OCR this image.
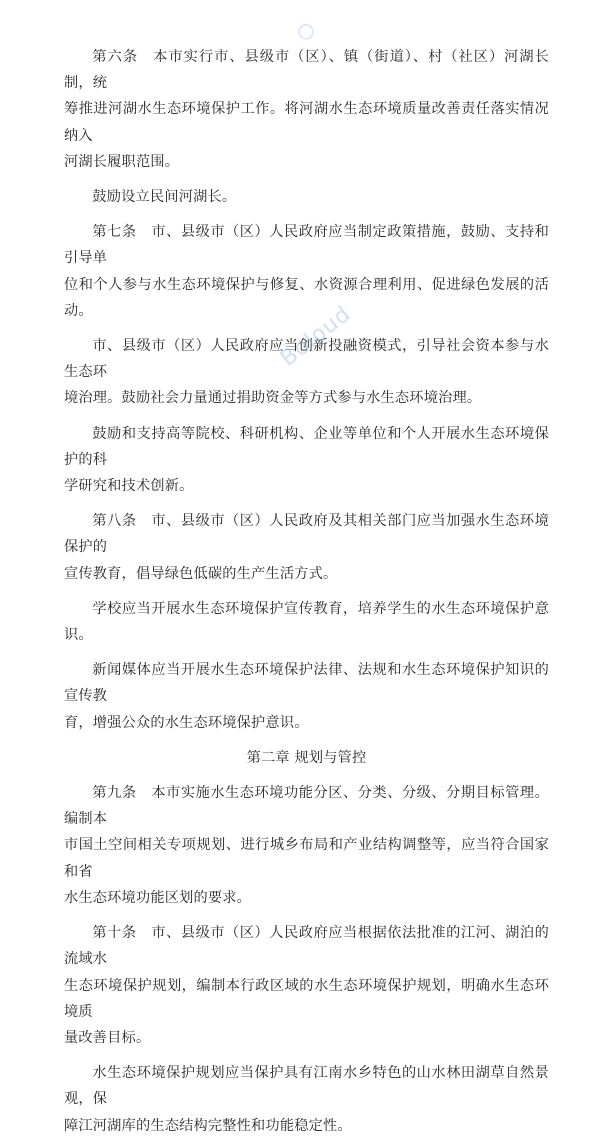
第六条　本市实行市、县级市（区）、镇（街道）、村（社区）河湖长制，统
筹推进河湖水生态环境保护工作。将河湖水生态环境质量改善责任落实情况纳入
河湖长履职范围。

鼓励设立民间河湖长。

第七条　市、县级市（区）人民政府应当制定政策措施，鼓励、支持和引导单
位和个人参与水生态环境保护与修复、水资源合理利用、促进绿色发展的活动。

市、县级市（区）人民政府应当创新投融资模式，引导社会资本参与水生态环
境治理。鼓励社会力量通过捐助资金等方式参与水生态环境治理。

鼓励和支持高等院校、科研机构、企业等单位和个人开展水生态环境保护的科
学研究和技术创新。

第八条　市、县级市（区）人民政府及其相关部门应当加强水生态环境保护的
宣传教育，倡导绿色低碳的生产生活方式。

学校应当开展水生态环境保护宣传教育，培养学生的水生态环境保护意识。

新闻媒体应当开展水生态环境保护法律、法规和水生态环境保护知识的宣传教
育，增强公众的水生态环境保护意识。

第二章 规划与管控

第九条　本市实施水生态环境功能分区、分类、分级、分期目标管理。编制本
市国土空间相关专项规划、进行城乡布局和产业结构调整等，应当符合国家和省
水生态环境功能区划的要求。

第十条　市、县级市（区）人民政府应当根据依法批准的江河、湖泊的流域水
生态环境保护规划，编制本行政区域的水生态环境保护规划，明确水生态环境质
量改善目标。

水生态环境保护规划应当保护具有江南水乡特色的山水林田湖草自然景观，保
障江河湖库的生态结构完整性和功能稳定性。

Boloud
